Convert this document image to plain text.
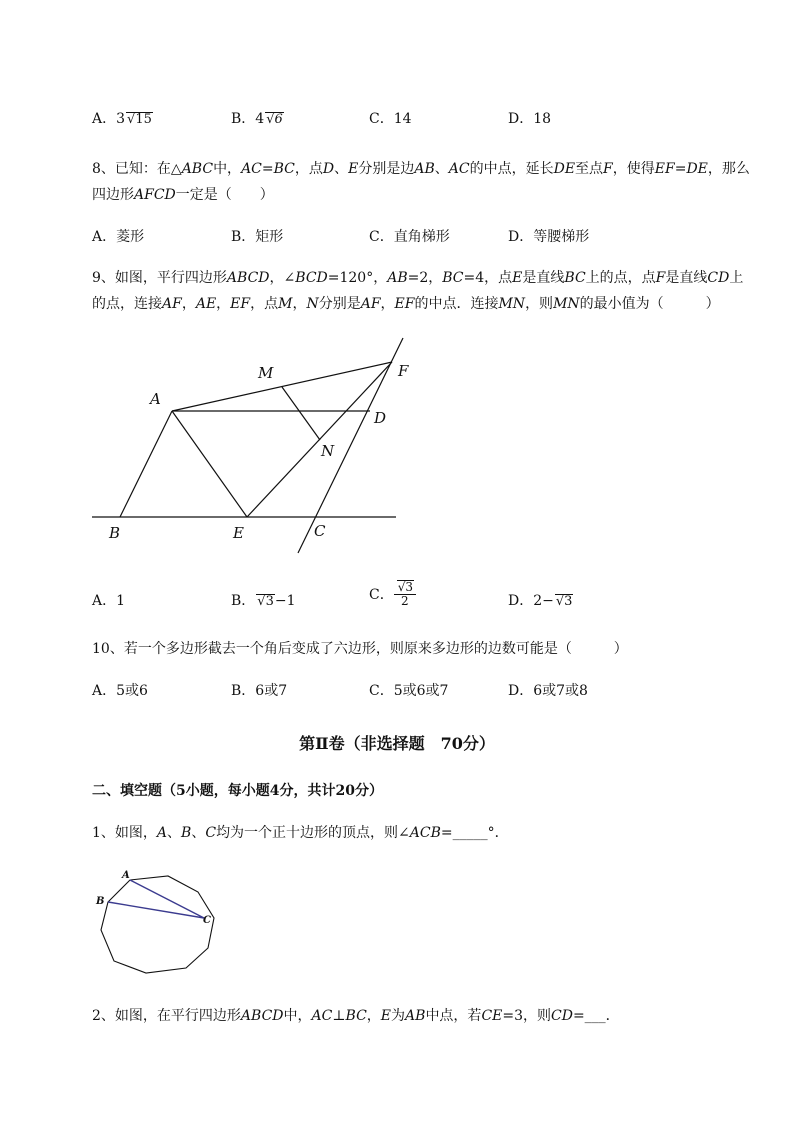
A．3 √15	B．4 √6	C．14	D．18
8、已知：在△ABC中，AC=BC，点D、E分别是边AB、AC的中点，延长DE至点F，使得EF=DE，那么
四边形AFCD一定是（　　）
A．菱形	B．矩形	C．直角梯形	D．等腰梯形
9、如图，平行四边形ABCD，∠BCD=120°，AB=2，BC=4，点E是直线BC上的点，点F是直线CD上
的点，连接AF，AE，EF，点M，N分别是AF，EF的中点．连接MN，则MN的最小值为（　　　）
A
B	C
D
E
F
M
N
A．1	B． √3−1	C． $\frac{√3}{2}$	D．2− √3
10、若一个多边形截去一个角后变成了六边形，则原来多边形的边数可能是（　　　）
A．5或6	B．6或7	C．5或6或7	D．6或7或8
第Ⅱ卷（非选择题　70分）
二、填空题（5小题，每小题4分，共计20分）
1、如图，A、B、C均为一个正十边形的顶点，则∠ACB=_____°．
A
B
C
2、如图，在平行四边形ABCD中，AC⊥BC，E为AB中点，若CE=3，则CD=___．
